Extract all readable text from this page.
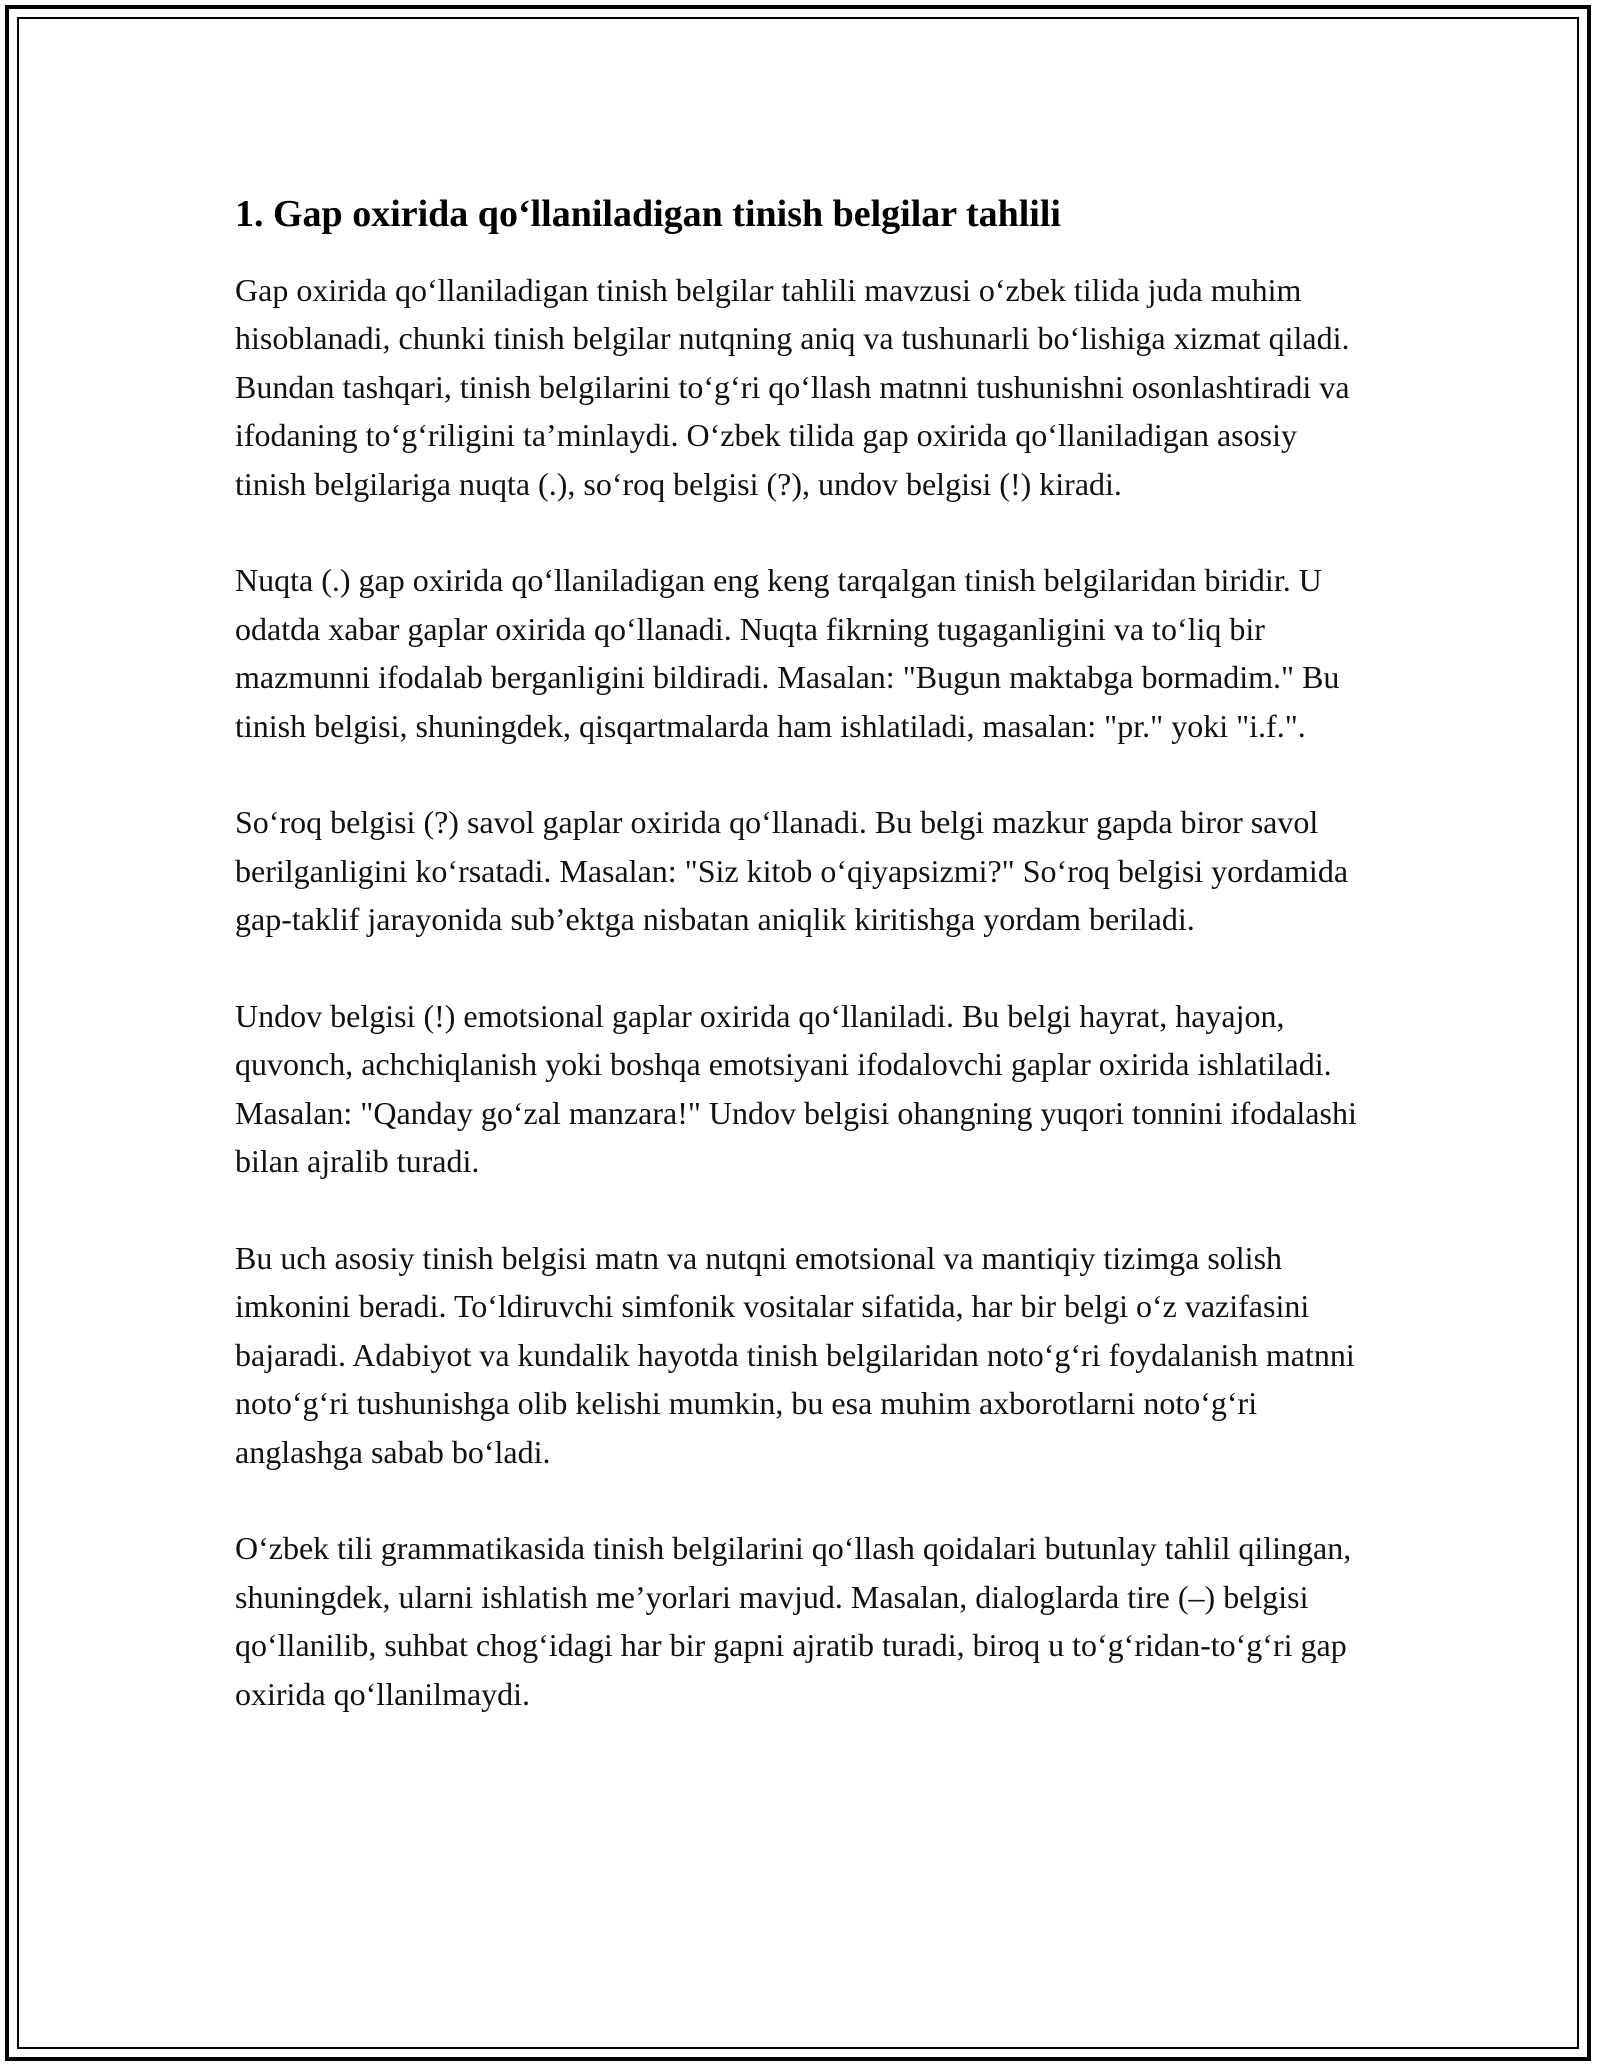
1. Gap oxirida qoʻllaniladigan tinish belgilar tahlili

Gap oxirida qoʻllaniladigan tinish belgilar tahlili mavzusi oʻzbek tilida juda muhim hisoblanadi, chunki tinish belgilar nutqning aniq va tushunarli boʻlishiga xizmat qiladi. Bundan tashqari, tinish belgilarini toʻgʻri qoʻllash matnni tushunishni osonlashtiradi va ifodaning toʻgʻriligini taʼminlaydi. Oʻzbek tilida gap oxirida qoʻllaniladigan asosiy tinish belgilariga nuqta (.), soʻroq belgisi (?), undov belgisi (!) kiradi.

Nuqta (.) gap oxirida qoʻllaniladigan eng keng tarqalgan tinish belgilaridan biridir. U odatda xabar gaplar oxirida qoʻllanadi. Nuqta fikrning tugaganligini va toʻliq bir mazmunni ifodalab berganligini bildiradi. Masalan: "Bugun maktabga bormadim." Bu tinish belgisi, shuningdek, qisqartmalarda ham ishlatiladi, masalan: "pr." yoki "i.f.".

Soʻroq belgisi (?) savol gaplar oxirida qoʻllanadi. Bu belgi mazkur gapda biror savol berilganligini koʻrsatadi. Masalan: "Siz kitob oʻqiyapsizmi?" Soʻroq belgisi yordamida gap-taklif jarayonida subʼektga nisbatan aniqlik kiritishga yordam beriladi.

Undov belgisi (!) emotsional gaplar oxirida qoʻllaniladi. Bu belgi hayrat, hayajon, quvonch, achchiqlanish yoki boshqa emotsiyani ifodalovchi gaplar oxirida ishlatiladi. Masalan: "Qanday goʻzal manzara!" Undov belgisi ohangning yuqori tonnini ifodalashi bilan ajralib turadi.

Bu uch asosiy tinish belgisi matn va nutqni emotsional va mantiqiy tizimga solish imkonini beradi. Toʻldiruvchi simfonik vositalar sifatida, har bir belgi oʻz vazifasini bajaradi. Adabiyot va kundalik hayotda tinish belgilaridan notoʻgʻri foydalanish matnni notoʻgʻri tushunishga olib kelishi mumkin, bu esa muhim axborotlarni notoʻgʻri anglashga sabab boʻladi.

Oʻzbek tili grammatikasida tinish belgilarini qoʻllash qoidalari butunlay tahlil qilingan, shuningdek, ularni ishlatish meʼyorlari mavjud. Masalan, dialoglarda tire (–) belgisi qoʻllanilib, suhbat chogʻidagi har bir gapni ajratib turadi, biroq u toʻgʻridan-toʻgʻri gap oxirida qoʻllanilmaydi.
